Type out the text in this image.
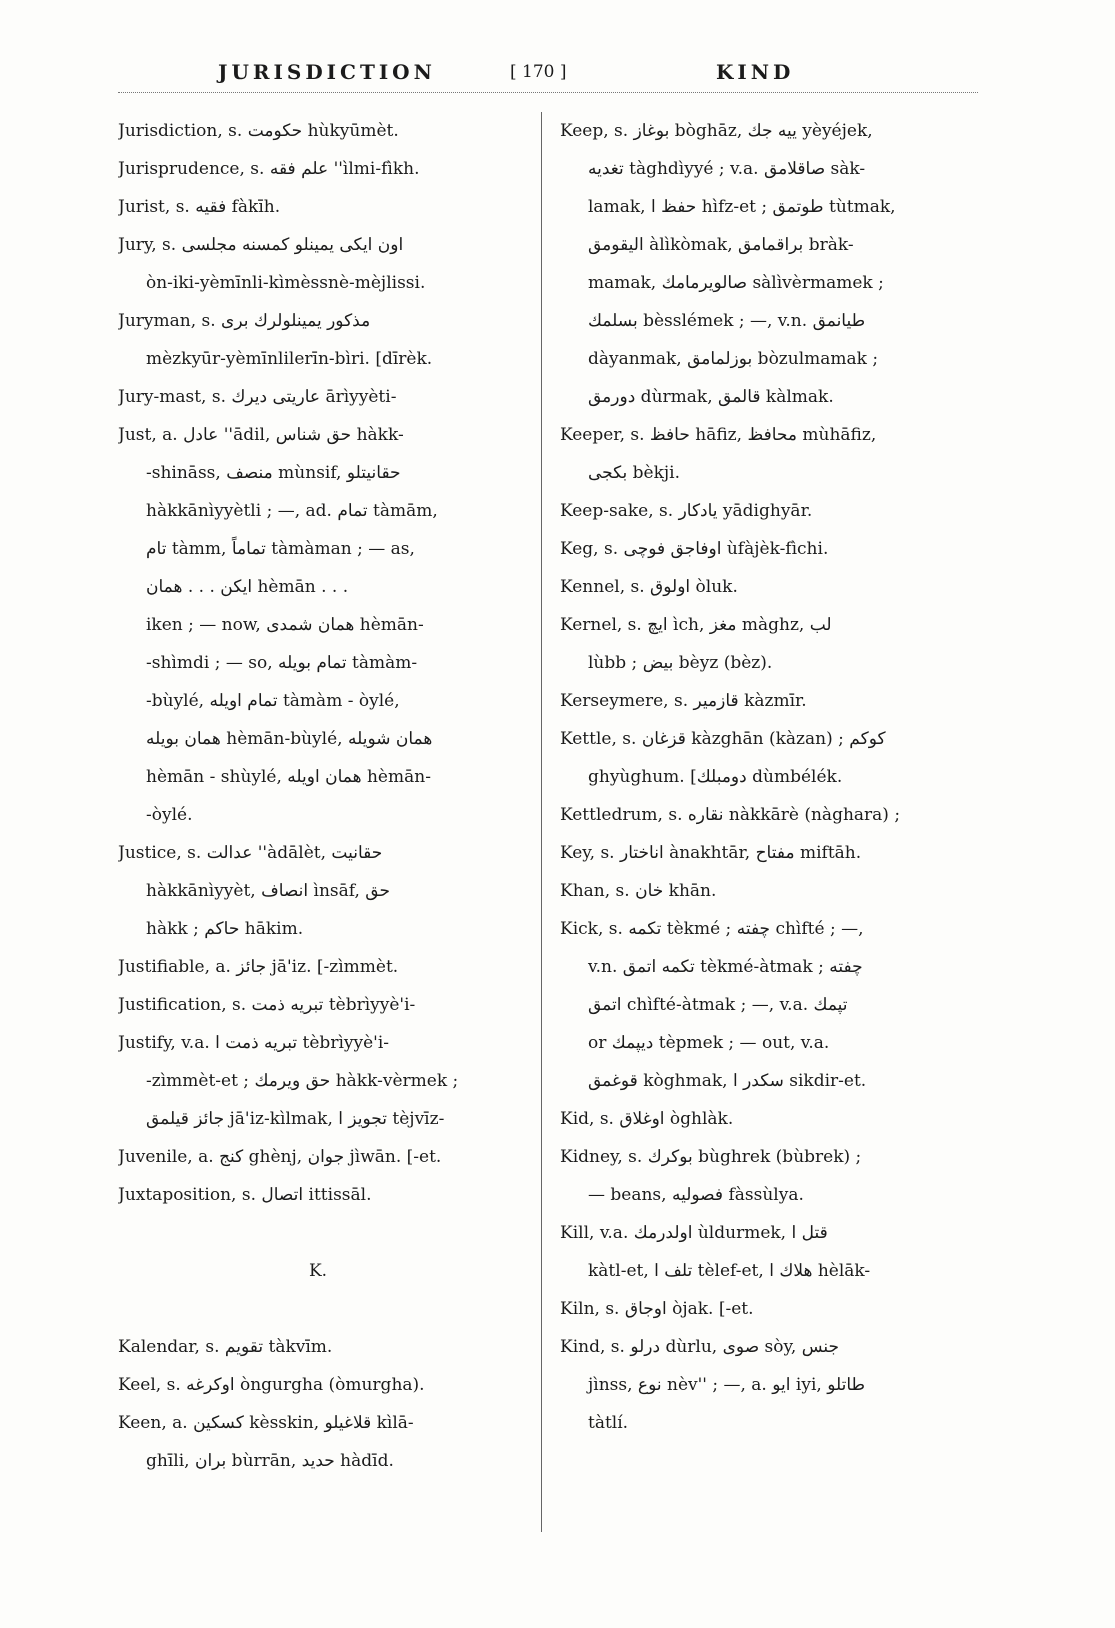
JURISDICTION	[ 170 ]	KIND
Jurisdiction, s. حكومت hùkyūmèt.
Jurisprudence, s. علم فقه ''ìlmi-fìkh.
Jurist, s. فقيه fàkīh.
Jury, s. اون ايكى يمينلو كمسنه مجلسى
òn-iki-yèmīnli-kìmèssnè-mèjlissi.
Juryman, s. مذكور يمينلولرك برى
mèzkyūr-yèmīnlilerīn-bìri. [dīrèk.
Jury-mast, s. عاريتى ديرك ārìyyèti-
Just, a. عادل ''ādil, حق شناس hàkk-
-shināss, منصف mùnsif, حقانيتلو
hàkkānìyyètli ; —, ad. تمام tàmām,
تام tàmm, تماماً tàmàman ; — as,
ايكن . . . همان hèmān . . .
iken ; — now, همان شمدى hèmān-
-shìmdi ; — so, تمام بويله tàmàm-
-bùylé, تمام اويله tàmàm - òylé,
همان بويله hèmān-bùylé, همان شويله
hèmān - shùylé, همان اويله hèmān-
-òylé.
Justice, s. عدالت ''àdālèt, حقانيت
hàkkānìyyèt, انصاف ìnsāf, حق
hàkk ; حاكم hākim.
Justifiable, a. جائز jā'iz. [-zìmmèt.
Justification, s. تبريه ذمت tèbrìyyè'i-
Justify, v.a. تبريه ذمت ا tèbrìyyè'i-
-zìmmèt-et ; حق ويرمك hàkk-vèrmek ;
جائز قيلمق jā'iz-kìlmak, تجويز ا tèjvīz-
Juvenile, a. كنج ghènj, جوان jìwān. [-et.
Juxtaposition, s. اتصال ittissāl.
K.
Kalendar, s. تقويم tàkvīm.
Keel, s. اوكرغه òngurgha (òmurgha).
Keen, a. كسكين kèsskin, قلاغيلو kìlā-
ghīli, بران bùrrān, حديد hàdīd.
Keep, s. بوغاز bòghāz, ييه جك yèyéjek,
تغديه tàghdìyyé ; v.a. صاقلامق sàk-
lamak, حفظ ا hìfz-et ; طوتمق tùtmak,
اليقومق àlìkòmak, براقمامق bràk-
mamak, صالويرمامك sàlìvèrmamek ;
بسلمك bèsslémek ; —, v.n. طيانمق
dàyanmak, بوزلمامق bòzulmamak ;
دورمق dùrmak, قالمق kàlmak.
Keeper, s. حافظ hāfiz, محافظ mùhāfiz,
بكجى bèkji.
Keep-sake, s. يادكار yādighyār.
Keg, s. اوفاجق فوچى ùfàjèk-fìchi.
Kennel, s. اولوق òluk.
Kernel, s. ايچ ìch, مغز màghz, لب
lùbb ; بيض bèyz (bèz).
Kerseymere, s. قازمير kàzmīr.
Kettle, s. قزغان kàzghān (kàzan) ; كوكم
ghyùghum. [دومبلك dùmbélék.
Kettledrum, s. نقاره nàkkārè (nàghara) ;
Key, s. اناختار ànakhtār, مفتاح miftāh.
Khan, s. خان khān.
Kick, s. تكمه tèkmé ; چفته chìfté ; —,
v.n. تكمه اتمق tèkmé-àtmak ; چفته
اتمق chìfté-àtmak ; —, v.a. تپمك
or ديپمك tèpmek ; — out, v.a.
قوغمق kòghmak, سكدر ا sikdir-et.
Kid, s. اوغلاق òghlàk.
Kidney, s. بوكرك bùghrek (bùbrek) ;
— beans, فصوليه fàssùlya.
Kill, v.a. اولدرمك ùldurmek, قتل ا
kàtl-et, تلف ا tèlef-et, هلاك ا hèlāk-
Kiln, s. اوجاق òjak. [-et.
Kind, s. درلو dùrlu, صوى sòy, جنس
jìnss, نوع nèv'' ; —, a. ايو iyi, طاتلو
tàtlí.
